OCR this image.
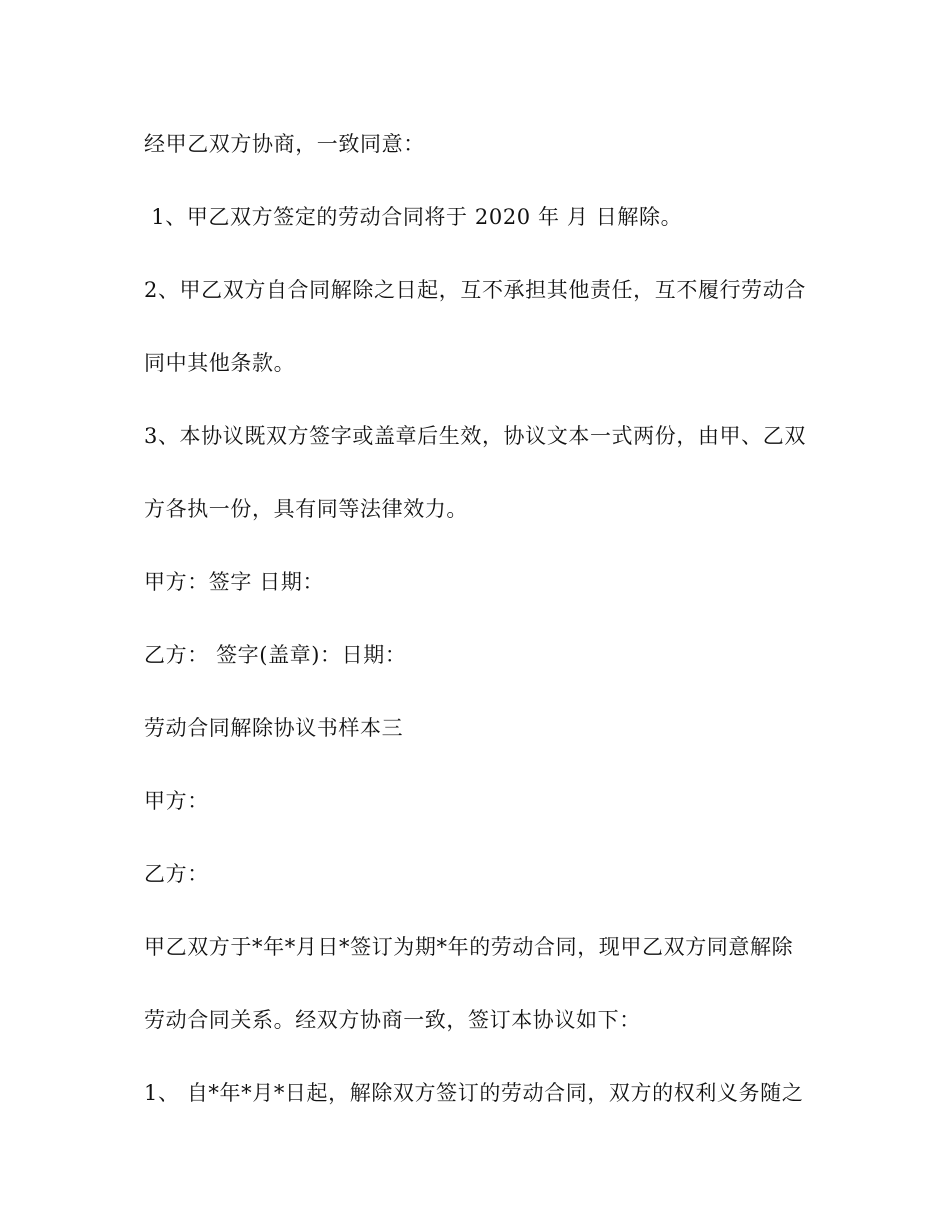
经甲乙双方协商，一致同意：
1、甲乙双方签定的劳动合同将于 2020 年 月 日解除。
2、甲乙双方自合同解除之日起，互不承担其他责任，互不履行劳动合
同中其他条款。
3、本协议既双方签字或盖章后生效，协议文本一式两份，由甲、乙双
方各执一份，具有同等法律效力。
甲方：签字 日期：
乙方： 签字(盖章)：日期：
劳动合同解除协议书样本三
甲方：
乙方：
甲乙双方于*年*月日*签订为期*年的劳动合同，现甲乙双方同意解除
劳动合同关系。经双方协商一致，签订本协议如下：
1、 自*年*月*日起，解除双方签订的劳动合同，双方的权利义务随之
